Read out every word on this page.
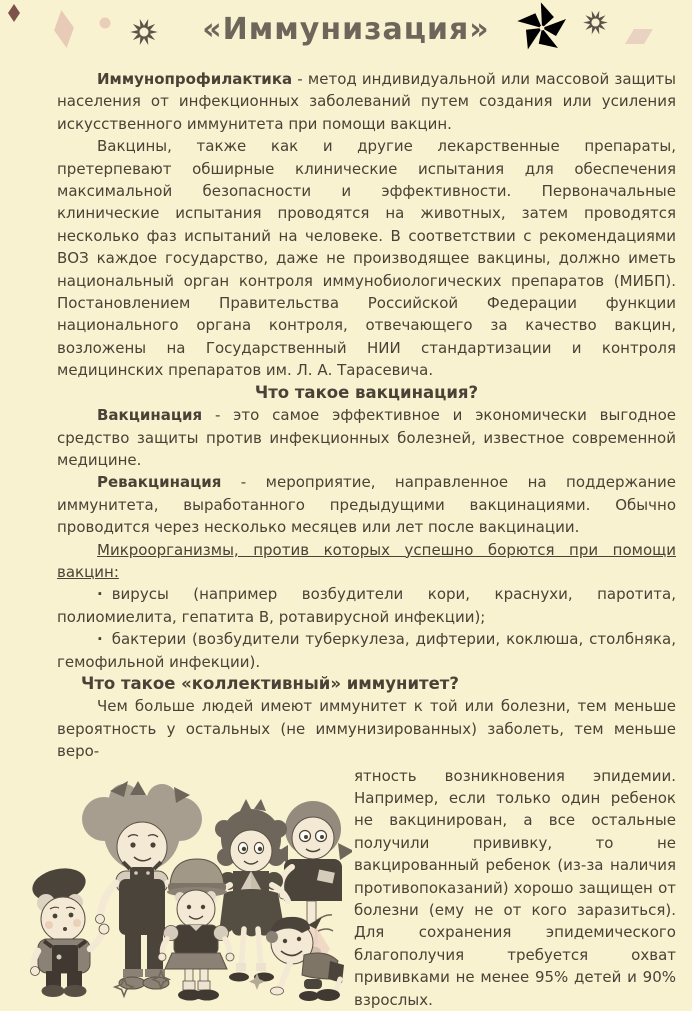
«Иммунизация»

Иммунопрофилактика - метод индивидуальной или массовой защиты населения от инфекционных заболеваний путем создания или усиления искусственного иммунитета при помощи вакцин.

Вакцины, также как и другие лекарственные препараты, претерпевают обширные клинические испытания для обеспечения максимальной безопасности и эффективности. Первоначальные клинические испытания проводятся на животных, затем проводятся несколько фаз испытаний на человеке. В соответствии с рекомендациями ВОЗ каждое государство, даже не производящее вакцины, должно иметь национальный орган контроля иммунобиологических препаратов (МИБП). Постановлением Правительства Российской Федерации функции национального органа контроля, отвечающего за качество вакцин, возложены на Государственный НИИ стандартизации и контроля медицинских препаратов им. Л. А. Тарасевича.

Что такое вакцинация?

Вакцинация - это самое эффективное и экономически выгодное средство защиты против инфекционных болезней, известное современной медицине.

Ревакцинация - мероприятие, направленное на поддержание иммунитета, выработанного предыдущими вакцинациями. Обычно проводится через несколько месяцев или лет после вакцинации.

Микроорганизмы, против которых успешно борются при помощи вакцин:

· вирусы (например возбудители кори, краснухи, паротита, полиомиелита, гепатита В, ротавирусной инфекции);

· бактерии (возбудители туберкулеза, дифтерии, коклюша, столбняка, гемофильной инфекции).

Что такое «коллективный» иммунитет?

Чем больше людей имеют иммунитет к той или болезни, тем меньше вероятность у остальных (не иммунизированных) заболеть, тем меньше веро-

ятность возникновения эпидемии. Например, если только один ребенок не вакцинирован, а все остальные получили прививку, то не вакцированный ребенок (из-за наличия противопоказаний) хорошо защищен от болезни (ему не от кого заразиться). Для сохранения эпидемического благополучия требуется охват прививками не менее 95% детей и 90% взрослых.
